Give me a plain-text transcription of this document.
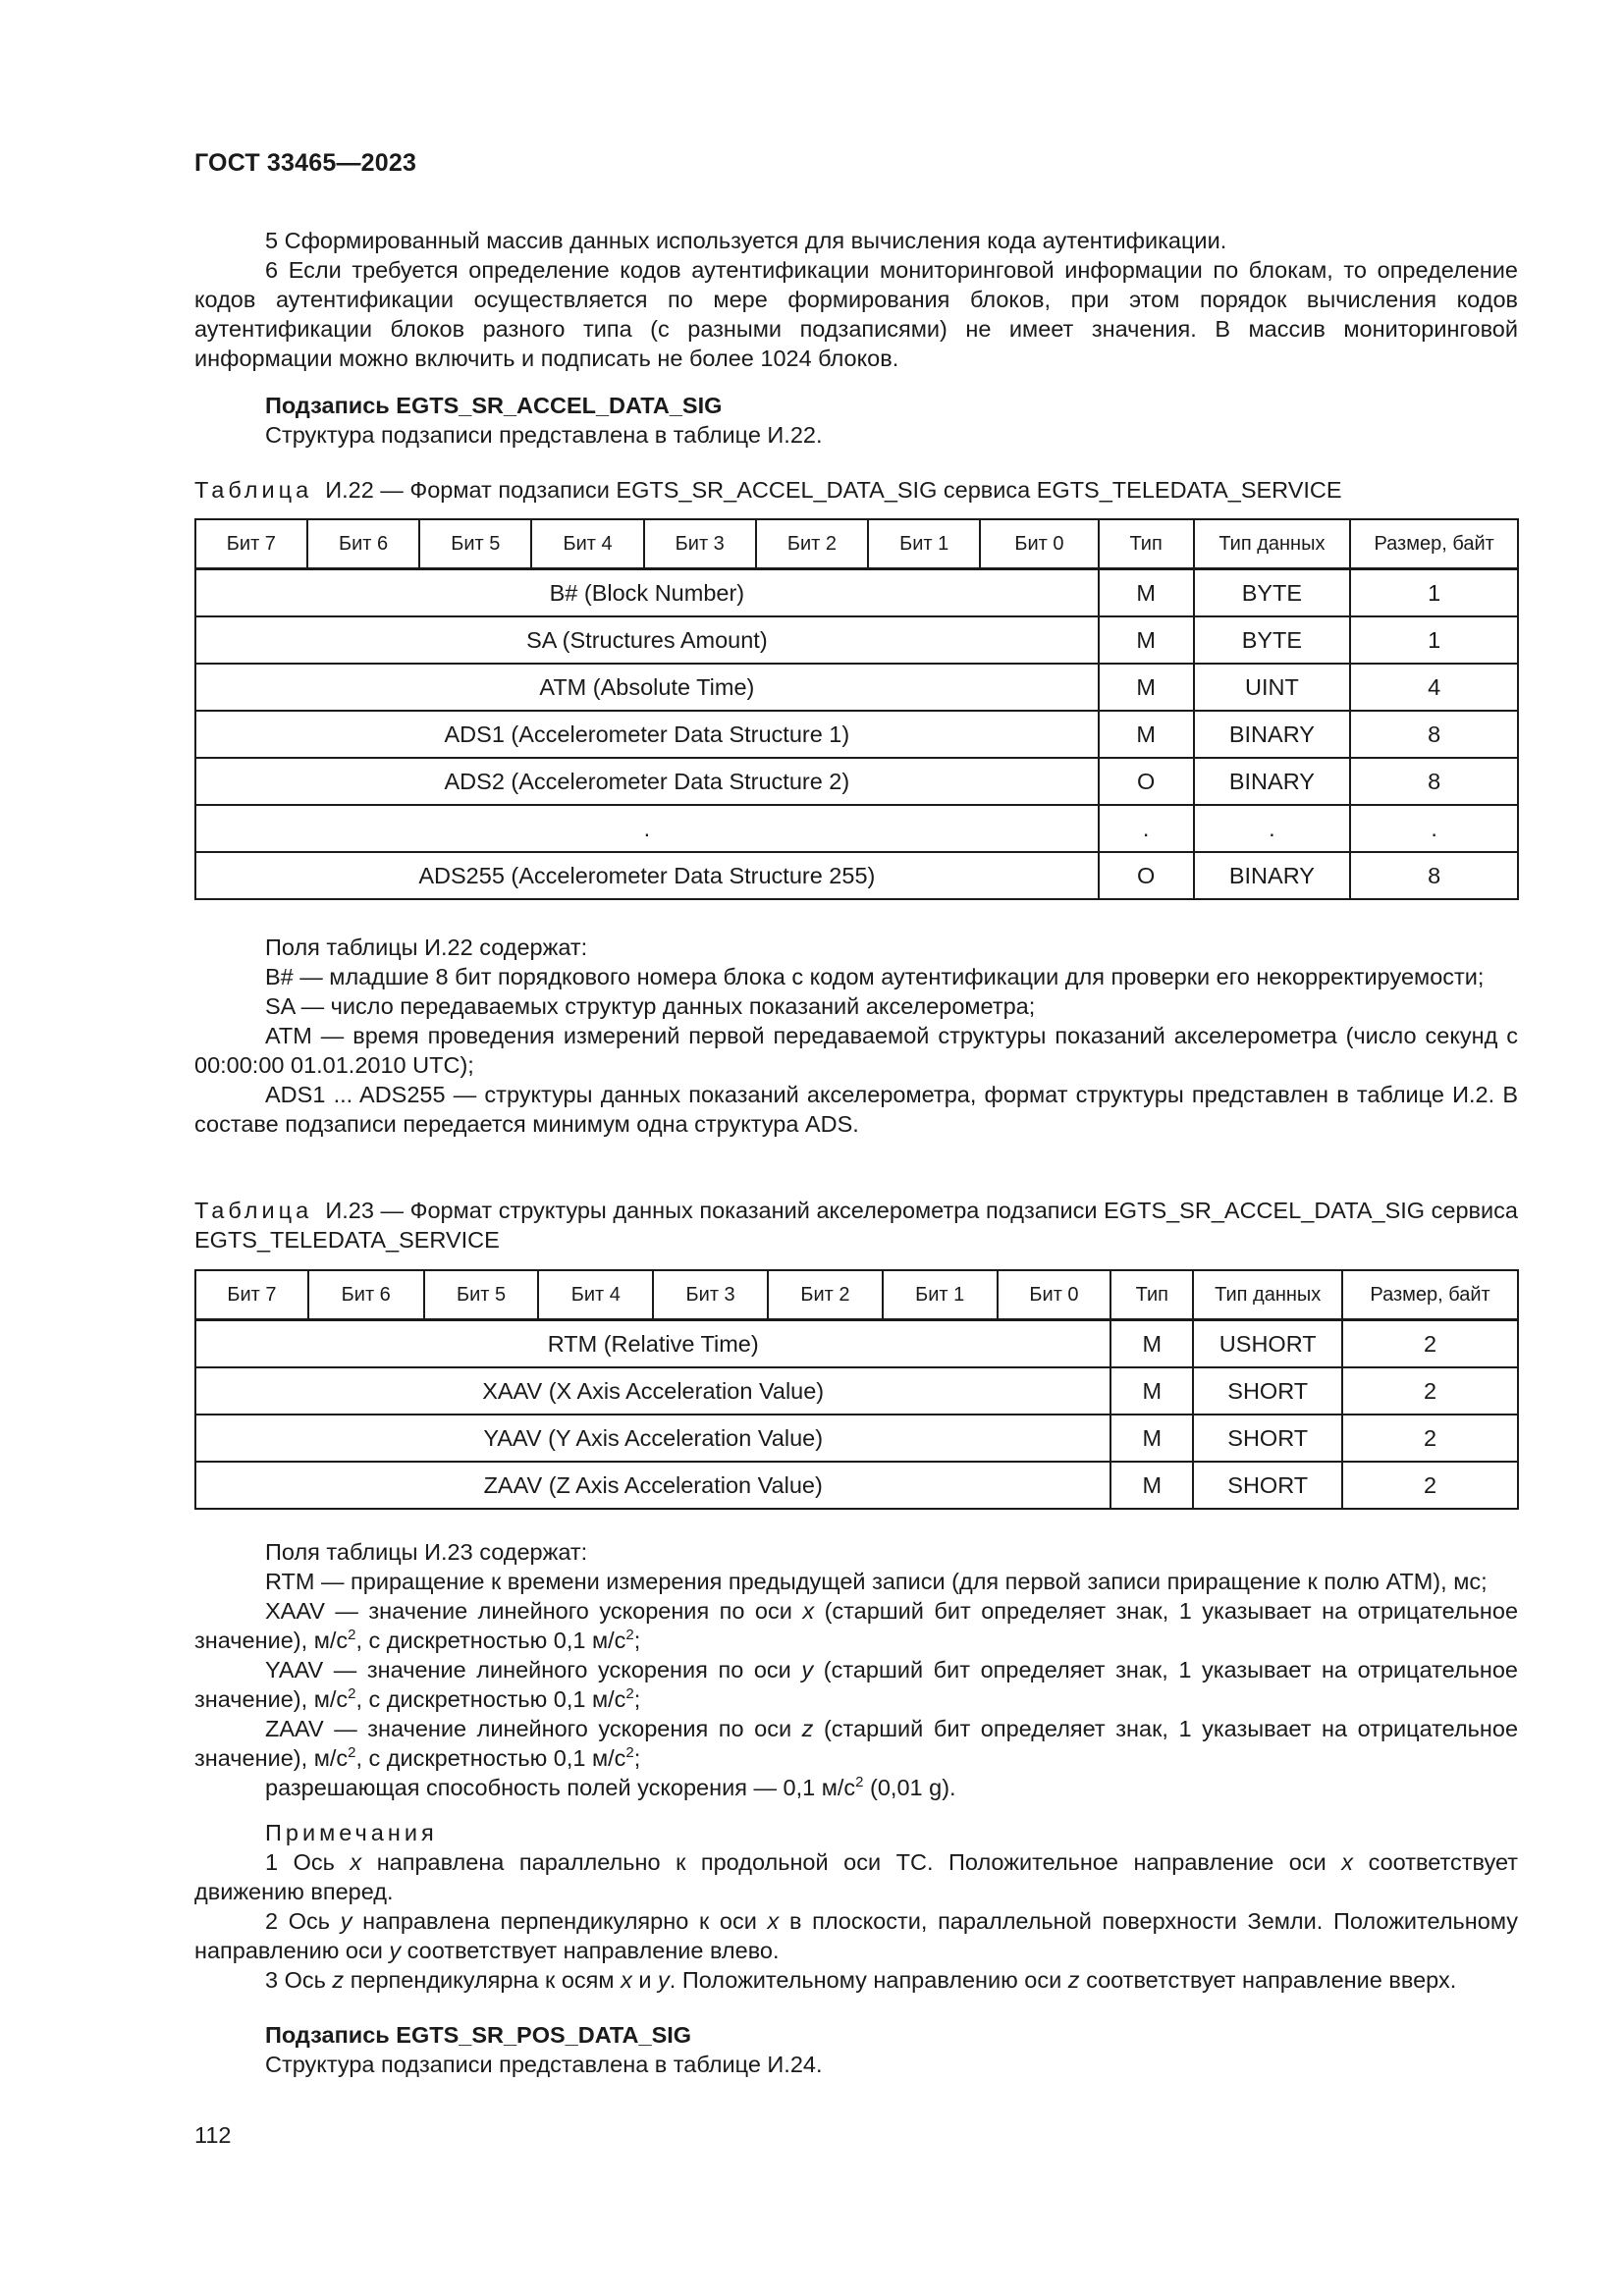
ГОСТ 33465—2023

5 Сформированный массив данных используется для вычисления кода аутентификации.

6 Если требуется определение кодов аутентификации мониторинговой информации по блокам, то определение кодов аутентификации осуществляется по мере формирования блоков, при этом порядок вычисления кодов аутентификации блоков разного типа (с разными подзаписями) не имеет значения. В массив мониторинговой информации можно включить и подписать не более 1024 блоков.

Подзапись EGTS_SR_ACCEL_DATA_SIG

Структура подзаписи представлена в таблице И.22.

Таблица И.22 — Формат подзаписи EGTS_SR_ACCEL_DATA_SIG сервиса EGTS_TELEDATA_SERVICE

Бит 7	Бит 6	Бит 5	Бит 4	Бит 3	Бит 2	Бит 1	Бит 0	Тип	Тип данных	Размер, байт
B# (Block Number)								M	BYTE	1
SA (Structures Amount)								M	BYTE	1
ATM (Absolute Time)								M	UINT	4
ADS1 (Accelerometer Data Structure 1)								M	BINARY	8
ADS2 (Accelerometer Data Structure 2)								O	BINARY	8
.								.	.	.
ADS255 (Accelerometer Data Structure 255)								O	BINARY	8

Поля таблицы И.22 содержат:

B# — младшие 8 бит порядкового номера блока с кодом аутентификации для проверки его некорректируемости;

SA — число передаваемых структур данных показаний акселерометра;

ATM — время проведения измерений первой передаваемой структуры показаний акселерометра (число секунд с 00:00:00 01.01.2010 UTC);

ADS1 ... ADS255 — структуры данных показаний акселерометра, формат структуры представлен в таблице И.2. В составе подзаписи передается минимум одна структура ADS.

Таблица И.23 — Формат структуры данных показаний акселерометра подзаписи EGTS_SR_ACCEL_DATA_SIG сервиса EGTS_TELEDATA_SERVICE

Бит 7	Бит 6	Бит 5	Бит 4	Бит 3	Бит 2	Бит 1	Бит 0	Тип	Тип данных	Размер, байт
RTM (Relative Time)								M	USHORT	2
XAAV (X Axis Acceleration Value)								M	SHORT	2
YAAV (Y Axis Acceleration Value)								M	SHORT	2
ZAAV (Z Axis Acceleration Value)								M	SHORT	2

Поля таблицы И.23 содержат:

RTM — приращение к времени измерения предыдущей записи (для первой записи приращение к полю ATM), мс;

XAAV — значение линейного ускорения по оси x (старший бит определяет знак, 1 указывает на отрицательное значение), $м/с^2$, с дискретностью 0,1 $м/с^2$;

YAAV — значение линейного ускорения по оси y (старший бит определяет знак, 1 указывает на отрицательное значение), $м/с^2$, с дискретностью 0,1 $м/с^2$;

ZAAV — значение линейного ускорения по оси z (старший бит определяет знак, 1 указывает на отрицательное значение), $м/с^2$, с дискретностью 0,1 $м/с^2$;

разрешающая способность полей ускорения — 0,1 $м/с^2$ (0,01 g).

Примечания

1 Ось x направлена параллельно к продольной оси ТС. Положительное направление оси x соответствует движению вперед.

2 Ось y направлена перпендикулярно к оси x в плоскости, параллельной поверхности Земли. Положительному направлению оси y соответствует направление влево.

3 Ось z перпендикулярна к осям x и y. Положительному направлению оси z соответствует направление вверх.

Подзапись EGTS_SR_POS_DATA_SIG

Структура подзаписи представлена в таблице И.24.

112
